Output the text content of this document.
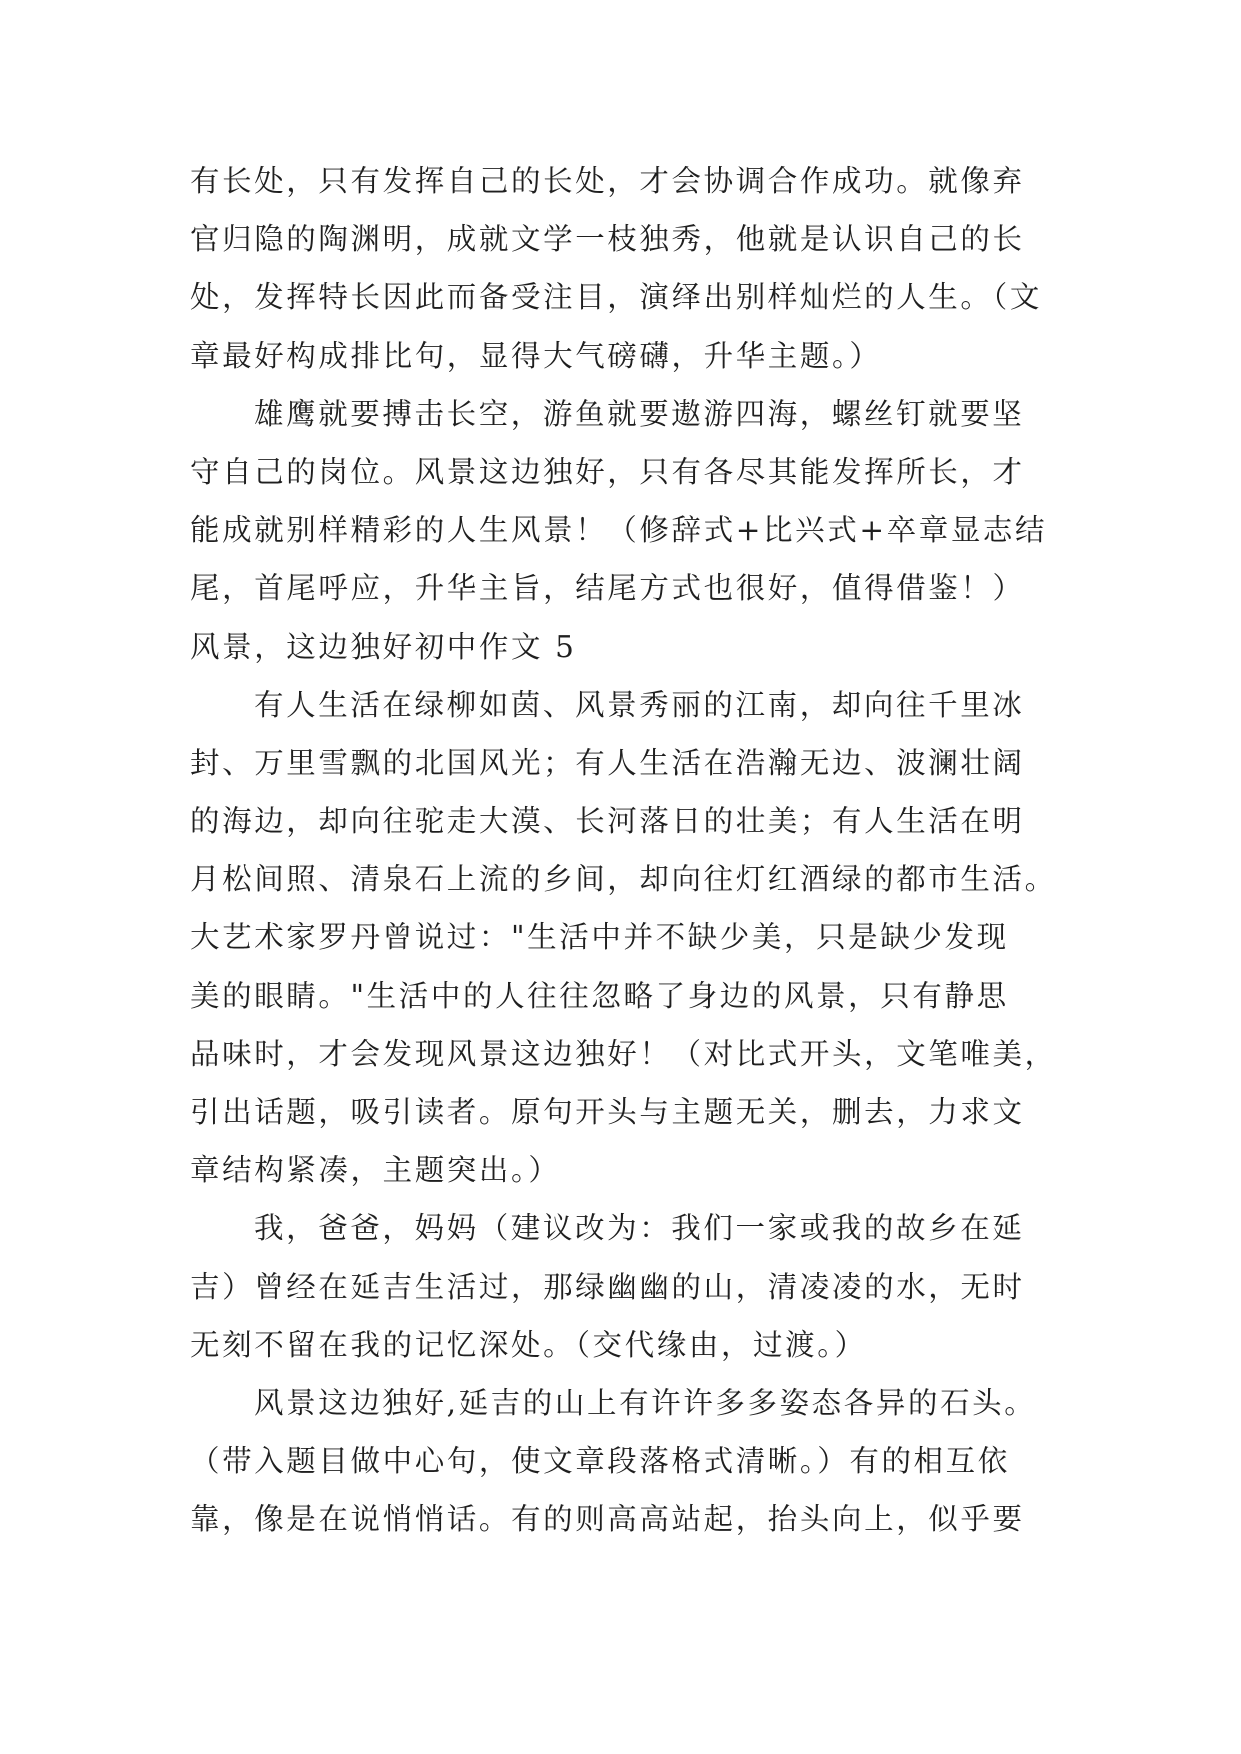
有长处，只有发挥自己的长处，才会协调合作成功。就像弃
官归隐的陶渊明，成就文学一枝独秀，他就是认识自己的长
处，发挥特长因此而备受注目，演绎出别样灿烂的人生。（文
章最好构成排比句，显得大气磅礴，升华主题。）
雄鹰就要搏击长空，游鱼就要遨游四海，螺丝钉就要坚
守自己的岗位。风景这边独好，只有各尽其能发挥所长，才
能成就别样精彩的人生风景！（修辞式+比兴式+卒章显志结
尾，首尾呼应，升华主旨，结尾方式也很好，值得借鉴！）
风景，这边独好初中作文 5
有人生活在绿柳如茵、风景秀丽的江南，却向往千里冰
封、万里雪飘的北国风光；有人生活在浩瀚无边、波澜壮阔
的海边，却向往驼走大漠、长河落日的壮美；有人生活在明
月松间照、清泉石上流的乡间，却向往灯红酒绿的都市生活。
大艺术家罗丹曾说过："生活中并不缺少美，只是缺少发现
美的眼睛。"生活中的人往往忽略了身边的风景，只有静思
品味时，才会发现风景这边独好！（对比式开头，文笔唯美，
引出话题，吸引读者。原句开头与主题无关，删去，力求文
章结构紧凑，主题突出。）
我，爸爸，妈妈（建议改为：我们一家或我的故乡在延
吉）曾经在延吉生活过，那绿幽幽的山，清凌凌的水，无时
无刻不留在我的记忆深处。（交代缘由，过渡。）
风景这边独好,延吉的山上有许许多多姿态各异的石头。
（带入题目做中心句，使文章段落格式清晰。）有的相互依
靠，像是在说悄悄话。有的则高高站起，抬头向上，似乎要
